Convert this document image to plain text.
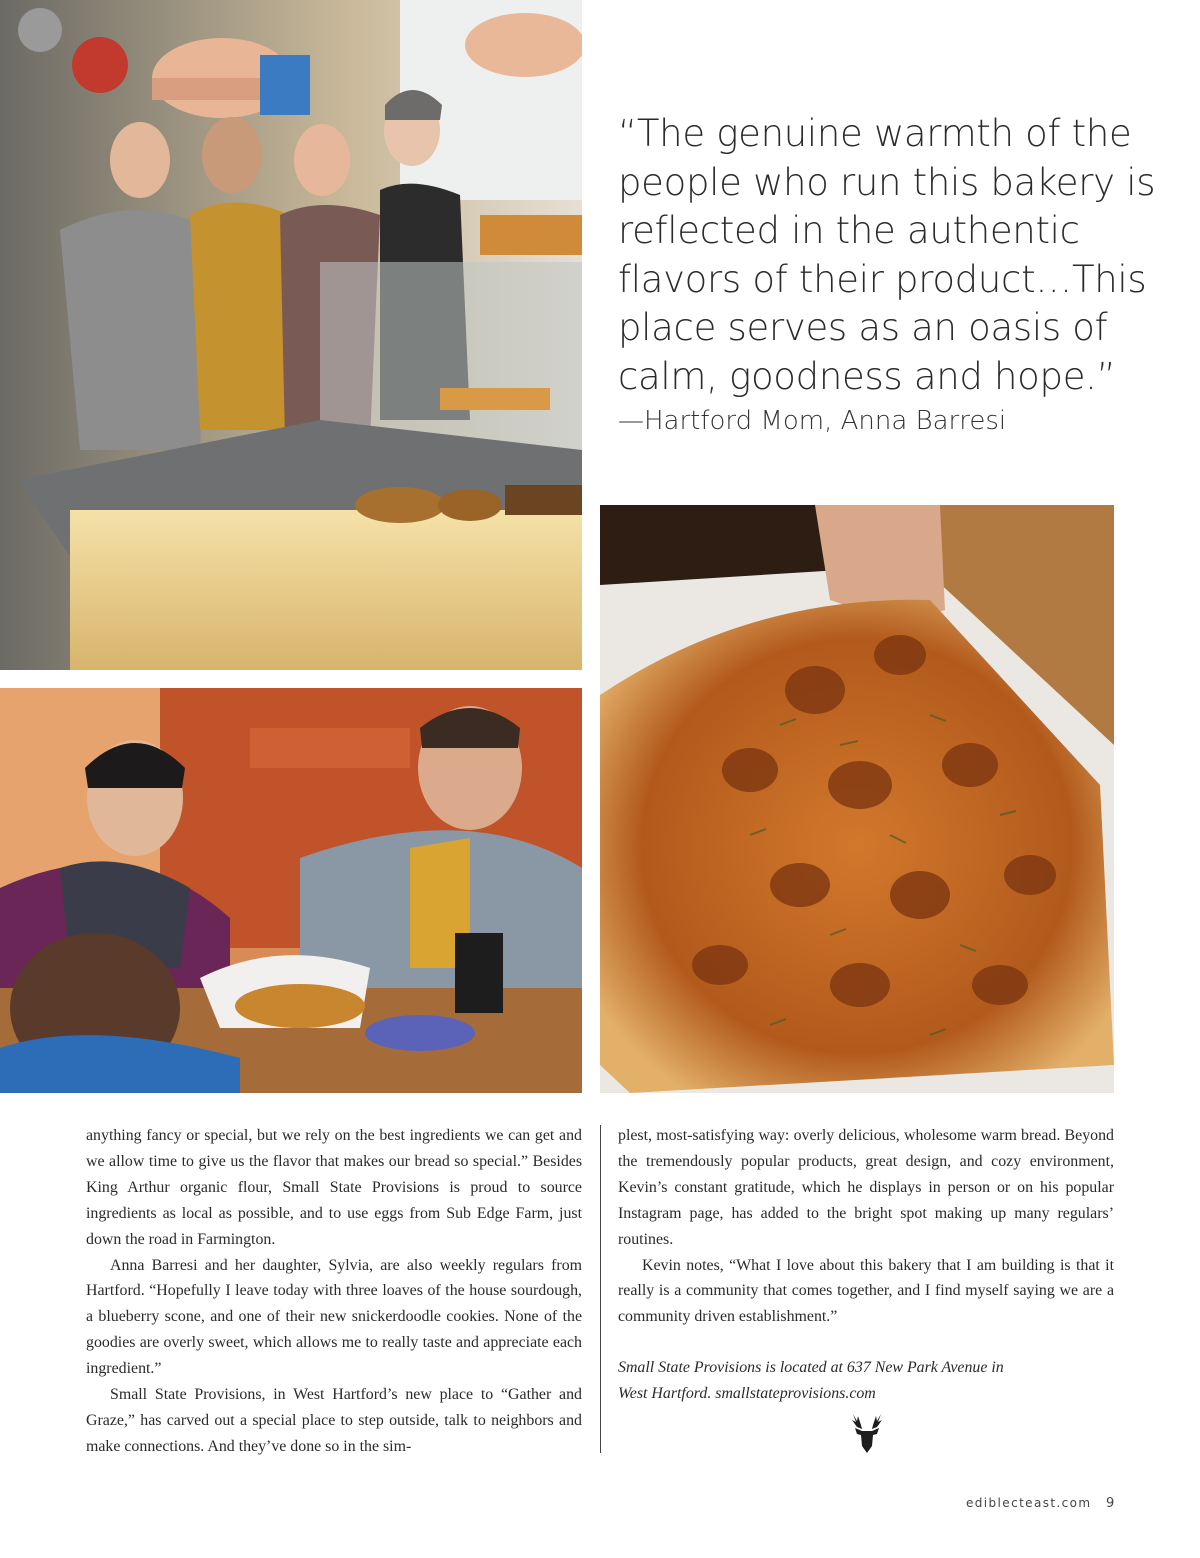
“The genuine warmth of the people who run this bakery is reflected in the authentic flavors of their product…This place serves as an oasis of calm, goodness and hope.”

—Hartford Mom, Anna Barresi

anything fancy or special, but we rely on the best ingredients we can get and we allow time to give us the flavor that makes our bread so special.” Besides King Arthur organic flour, Small State Provisions is proud to source ingredients as local as possible, and to use eggs from Sub Edge Farm, just down the road in Farmington.

Anna Barresi and her daughter, Sylvia, are also weekly regulars from Hartford. “Hopefully I leave today with three loaves of the house sourdough, a blueberry scone, and one of their new snickerdoodle cookies. None of the goodies are overly sweet, which allows me to really taste and appreciate each ingredient.”

Small State Provisions, in West Hartford’s new place to “Gather and Graze,” has carved out a special place to step outside, talk to neighbors and make connections. And they’ve done so in the sim-

plest, most-satisfying way: overly delicious, wholesome warm bread. Beyond the tremendously popular products, great design, and cozy environment, Kevin’s constant gratitude, which he displays in person or on his popular Instagram page, has added to the bright spot making up many regulars’ routines.

Kevin notes, “What I love about this bakery that I am building is that it really is a community that comes together, and I find myself saying we are a community driven establishment.”

Small State Provisions is located at 637 New Park Avenue in
West Hartford. smallstateprovisions.com

ediblecteast.com 9
